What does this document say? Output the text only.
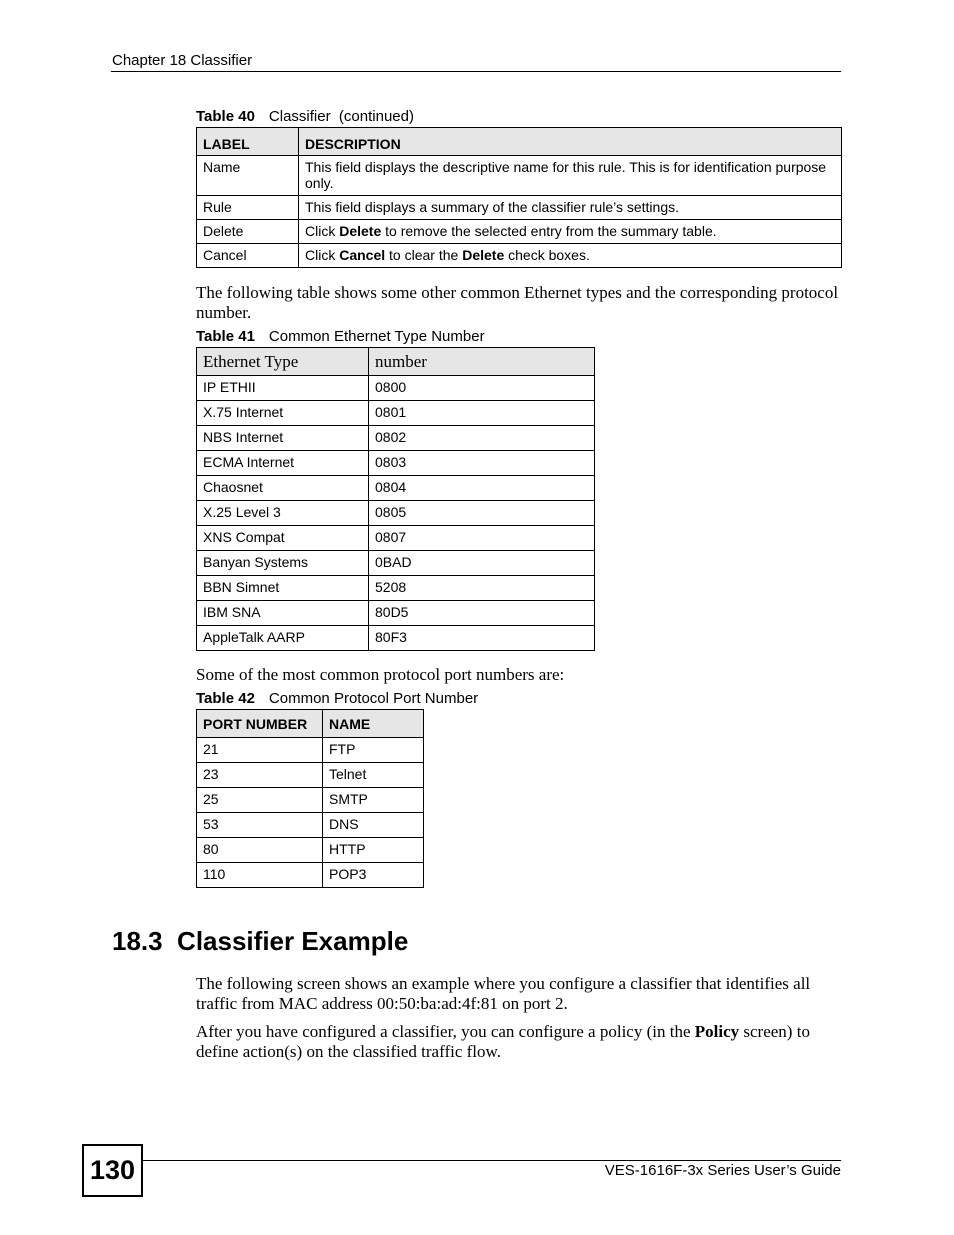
Chapter 18 Classifier
Table 40 Classifier  (continued)
LABEL	DESCRIPTION
Name	This field displays the descriptive name for this rule. This is for identification purpose only.
Rule	This field displays a summary of the classifier rule’s settings.
Delete	Click Delete to remove the selected entry from the summary table.
Cancel	Click Cancel to clear the Delete check boxes.
The following table shows some other common Ethernet types and the corresponding protocol number.
Table 41 Common Ethernet Type Number
Ethernet Type	number
IP ETHII	0800
X.75 Internet	0801
NBS Internet	0802
ECMA Internet	0803
Chaosnet	0804
X.25 Level 3	0805
XNS Compat	0807
Banyan Systems	0BAD
BBN Simnet	5208
IBM SNA	80D5
AppleTalk AARP	80F3
Some of the most common protocol port numbers are:
Table 42 Common Protocol Port Number
PORT NUMBER	NAME
21	FTP
23	Telnet
25	SMTP
53	DNS
80	HTTP
110	POP3
18.3  Classifier Example
The following screen shows an example where you configure a classifier that identifies all traffic from MAC address 00:50:ba:ad:4f:81 on port 2.
After you have configured a classifier, you can configure a policy (in the Policy screen) to define action(s) on the classified traffic flow.
130	VES-1616F-3x Series User’s Guide
